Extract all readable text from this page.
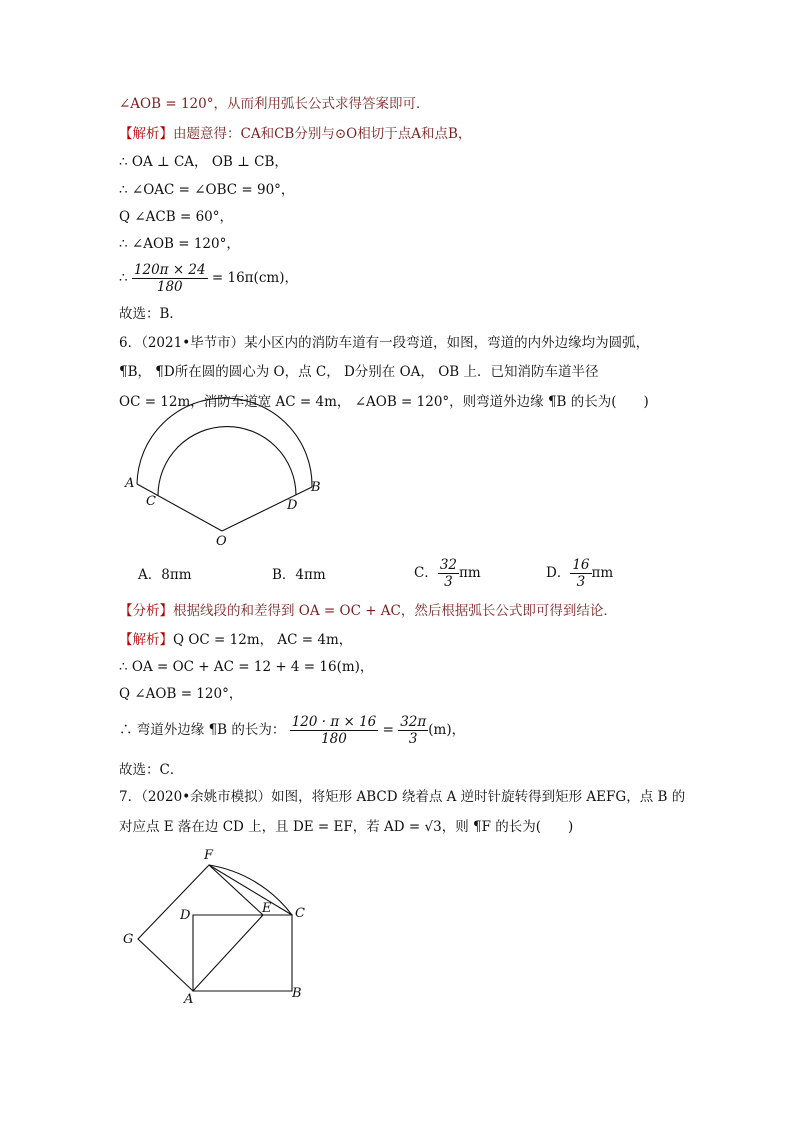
∠AOB = 120°，从而利用弧长公式求得答案即可．
【解析】由题意得：CA和CB分别与⊙O相切于点A和点B，
∴ OA ⊥ CA， OB ⊥ CB，
∴ ∠OAC = ∠OBC = 90°，
Q ∠ACB = 60°，
∴ ∠AOB = 120°，
∴ $\frac{120\pi \times 24}{180} = 16\pi(cm)$，
故选：B．
6．（2021•毕节市）某小区内的消防车道有一段弯道，如图，弯道的内外边缘均为圆弧，
¶B， ¶D所在圆的圆心为 O，点 C， D分别在 OA， OB 上．已知消防车道半径
OC = 12m，消防车道宽 AC = 4m， ∠AOB = 120°，则弯道外边缘 ¶B 的长为(　　)
A
C	D
B
O
A．8πm	B．4πm	C． $\frac{32}{3}$ πm	D． $\frac{16}{3}$ πm
【分析】根据线段的和差得到 OA = OC + AC，然后根据弧长公式即可得到结论．
【解析】Q OC = 12m， AC = 4m，
∴ OA = OC + AC = 12 + 4 = 16(m)，
Q ∠AOB = 120°，
∴ 弯道外边缘 ¶B 的长为： $\frac{120 \cdot \pi \times 16}{180} = \frac{32\pi}{3} (m)$，
故选：C．
7．（2020•余姚市模拟）如图，将矩形 ABCD 绕着点 A 逆时针旋转得到矩形 AEFG，点 B 的
对应点 E 落在边 CD 上，且 DE = EF，若 AD = √3，则 ¶F 的长为(　　)
F
D	E C
G
A	B
